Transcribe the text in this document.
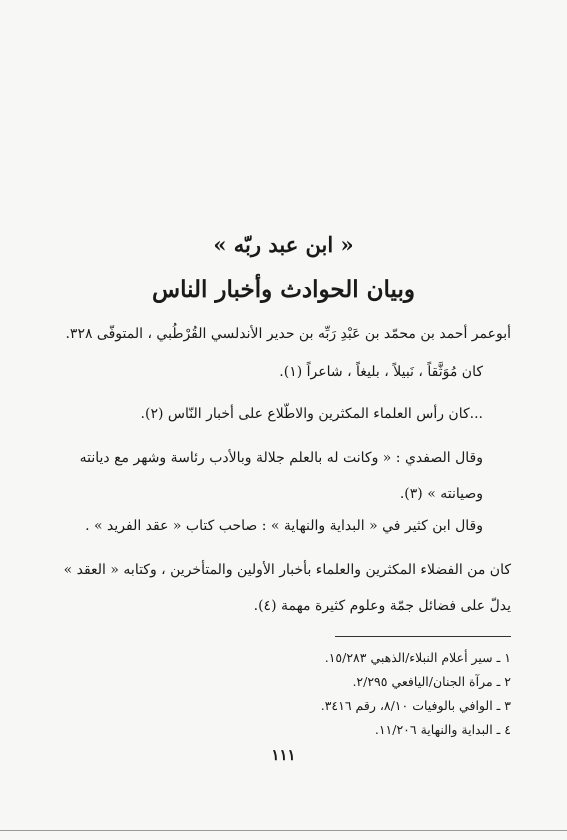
« ابن عبد ربّه »
وبيان الحوادث وأخبار الناس
أبوعمر أحمد بن محمّد بن عَبْدِ رَبِّه بن حدير الأندلسي القُرْطُبي ، المتوفّى ٣٢٨.
كان مُوَثَّقاً ، نَبيلاً ، بليغاً ، شاعراً (١).
...كان رأس العلماء المكثرين والاطّلاع على أخبار النّاس (٢).
وقال الصفدي : « وكانت له بالعلم جلالة وبالأدب رئاسة وشهر مع ديانته وصيانته » (٣).
وقال ابن كثير في « البداية والنهاية » : صاحب كتاب « عقد الفريد » .
كان من الفضلاء المكثرين والعلماء بأخبار الأولين والمتأخرين ، وكتابه « العقد » يدلّ على فضائل جمّة وعلوم كثيرة مهمة (٤).
١ ـ سير أعلام النبلاء/الذهبي ١٥/٢٨٣.
٢ ـ مرآة الجنان/اليافعي ٢/٢٩٥.
٣ ـ الوافي بالوفيات ٨/١٠، رقم ٣٤١٦.
٤ ـ البداية والنهاية ١١/٢٠٦.
١١١
